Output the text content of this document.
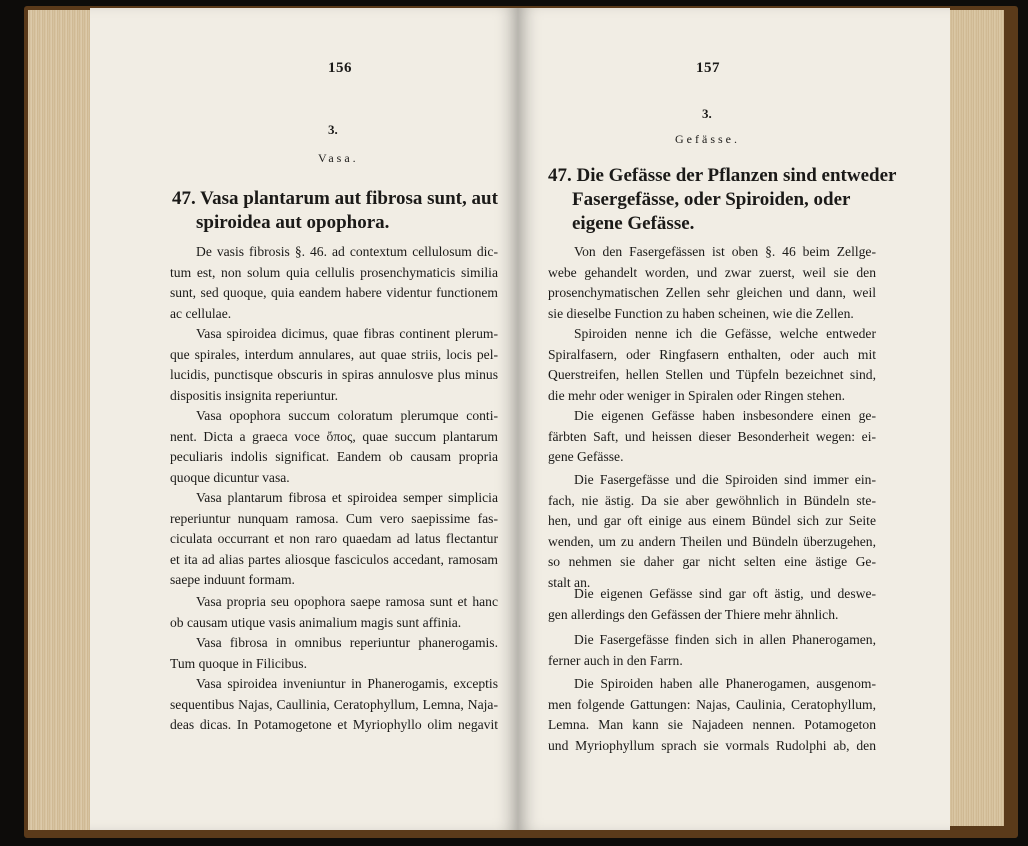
156
3.
Vasa.
47. Vasa plantarum aut fibrosa sunt, aut
spiroidea aut opophora.
De vasis fibrosis §. 46. ad contextum cellulosum dic-
tum est, non solum quia cellulis prosenchymaticis similia
sunt, sed quoque, quia eandem habere videntur functionem
ac cellulae.
Vasa spiroidea dicimus, quae fibras continent plerum-
que spirales, interdum annulares, aut quae striis, locis pel-
lucidis, punctisque obscuris in spiras annulosve plus minus
dispositis insignita reperiuntur.
Vasa opophora succum coloratum plerumque conti-
nent. Dicta a graeca voce ὄπος, quae succum plantarum
peculiaris indolis significat. Eandem ob causam propria
quoque dicuntur vasa.
Vasa plantarum fibrosa et spiroidea semper simplicia
reperiuntur nunquam ramosa. Cum vero saepissime fas-
ciculata occurrant et non raro quaedam ad latus flectantur
et ita ad alias partes aliosque fasciculos accedant, ramosam
saepe induunt formam.
Vasa propria seu opophora saepe ramosa sunt et hanc
ob causam utique vasis animalium magis sunt affinia.
Vasa fibrosa in omnibus reperiuntur phanerogamis.
Tum quoque in Filicibus.
Vasa spiroidea inveniuntur in Phanerogamis, exceptis
sequentibus Najas, Caullinia, Ceratophyllum, Lemna, Naja-
deas dicas. In Potamogetone et Myriophyllo olim negavit
157
3.
Gefässe.
47. Die Gefässe der Pflanzen sind entweder
Fasergefässe, oder Spiroiden, oder
eigene Gefässe.
Von den Fasergefässen ist oben §. 46 beim Zellge-
webe gehandelt worden, und zwar zuerst, weil sie den
prosenchymatischen Zellen sehr gleichen und dann, weil
sie dieselbe Function zu haben scheinen, wie die Zellen.
Spiroiden nenne ich die Gefässe, welche entweder
Spiralfasern, oder Ringfasern enthalten, oder auch mit
Querstreifen, hellen Stellen und Tüpfeln bezeichnet sind,
die mehr oder weniger in Spiralen oder Ringen stehen.
Die eigenen Gefässe haben insbesondere einen ge-
färbten Saft, und heissen dieser Besonderheit wegen: ei-
gene Gefässe.
Die Fasergefässe und die Spiroiden sind immer ein-
fach, nie ästig. Da sie aber gewöhnlich in Bündeln ste-
hen, und gar oft einige aus einem Bündel sich zur Seite
wenden, um zu andern Theilen und Bündeln überzugehen,
so nehmen sie daher gar nicht selten eine ästige Ge-
stalt an.
Die eigenen Gefässe sind gar oft ästig, und deswe-
gen allerdings den Gefässen der Thiere mehr ähnlich.
Die Fasergefässe finden sich in allen Phanerogamen,
ferner auch in den Farrn.
Die Spiroiden haben alle Phanerogamen, ausgenom-
men folgende Gattungen: Najas, Caulinia, Ceratophyllum,
Lemna. Man kann sie Najadeen nennen. Potamogeton
und Myriophyllum sprach sie vormals Rudolphi ab, den
